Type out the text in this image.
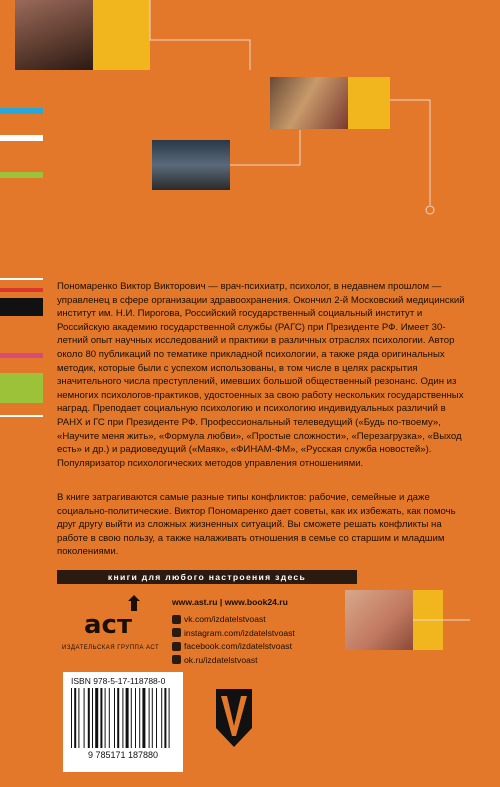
Пономаренко Виктор Викторович — врач-психиатр, психолог, в недавнем прошлом — управленец в сфере организации здравоохранения. Окончил 2-й Московский медицинский институт им. Н.И. Пирогова, Российский государственный социальный институт и Российскую академию государственной службы (РАГС) при Президенте РФ. Имеет 30-летний опыт научных исследований и практики в различных отраслях психологии. Автор около 80 публикаций по тематике прикладной психологии, а также ряда оригинальных методик, которые были с успехом использованы, в том числе в целях раскрытия значительного числа преступлений, имевших большой общественный резонанс. Один из немногих психологов-практиков, удостоенных за свою работу нескольких государственных наград. Преподает социальную психологию и психологию индивидуальных различий в РАНХ и ГС при Президенте РФ. Профессиональный телеведущий («Будь по-твоему», «Научите меня жить», «Формула любви», «Простые сложности», «Перезагрузка», «Выход есть» и др.) и радиоведущий («Маяк», «ФИНАМ-ФМ», «Русская служба новостей»). Популяризатор психологических методов управления отношениями.

В книге затрагиваются самые разные типы конфликтов: рабочие, семейные и даже социально-политические. Виктор Пономаренко дает советы, как их избежать, как помочь друг другу выйти из сложных жизненных ситуаций. Вы сможете решать конфликты на работе в свою пользу, а также налаживать отношения в семье со старшим и младшим поколениями.
книги для любого настроения здесь
аст
ИЗДАТЕЛЬСКАЯ ГРУППА АСТ
www.ast.ru | www.book24.ru
vk.com/izdatelstvoast
instagram.com/izdatelstvoast
facebook.com/izdatelstvoast
ok.ru/izdatelstvoast
ISBN 978-5-17-118788-0
9 785171 187880
